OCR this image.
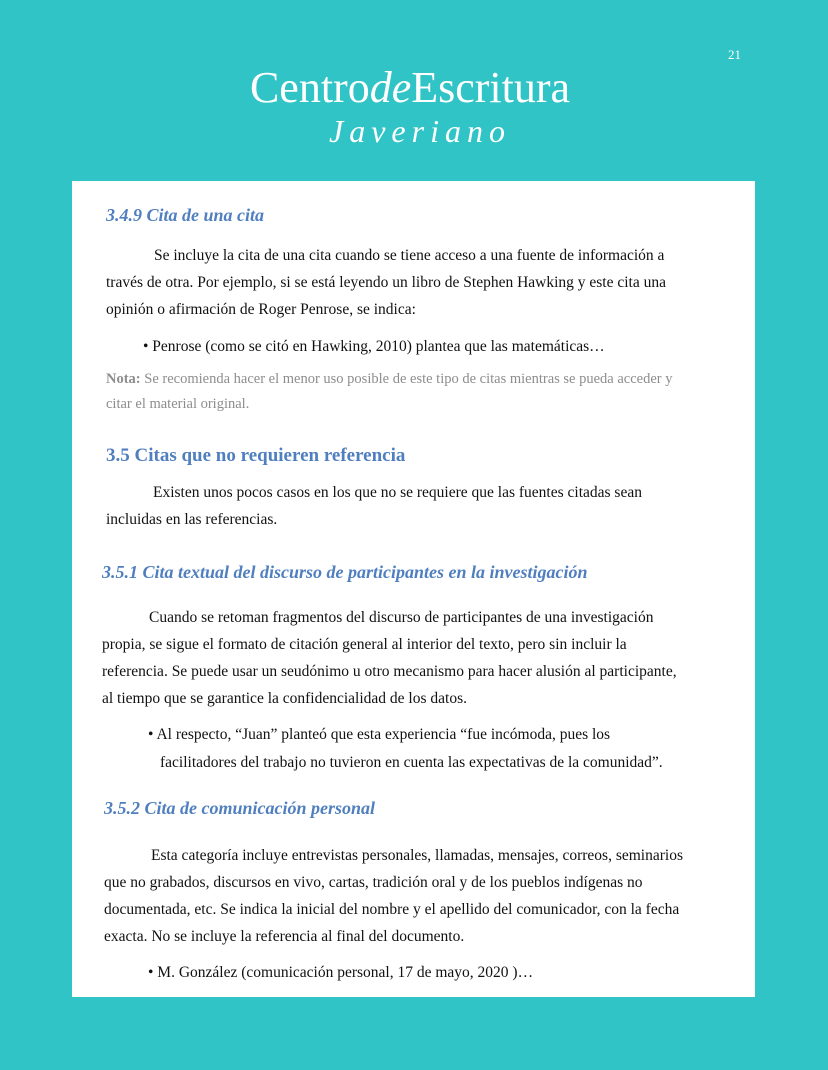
21
CentrodeEscritura
Javeriano
3.4.9 Cita de una cita
Se incluye la cita de una cita cuando se tiene acceso a una fuente de información a
través de otra. Por ejemplo, si se está leyendo un libro de Stephen Hawking y este cita una
opinión o afirmación de Roger Penrose, se indica:
• Penrose (como se citó en Hawking, 2010) plantea que las matemáticas…
Nota: Se recomienda hacer el menor uso posible de este tipo de citas mientras se pueda acceder y
citar el material original.
3.5 Citas que no requieren referencia
Existen unos pocos casos en los que no se requiere que las fuentes citadas sean
incluidas en las referencias.
3.5.1 Cita textual del discurso de participantes en la investigación
Cuando se retoman fragmentos del discurso de participantes de una investigación
propia, se sigue el formato de citación general al interior del texto, pero sin incluir la
referencia. Se puede usar un seudónimo u otro mecanismo para hacer alusión al participante,
al tiempo que se garantice la confidencialidad de los datos.
• Al respecto, “Juan” planteó que esta experiencia “fue incómoda, pues los
facilitadores del trabajo no tuvieron en cuenta las expectativas de la comunidad”.
3.5.2 Cita de comunicación personal
Esta categoría incluye entrevistas personales, llamadas, mensajes, correos, seminarios
que no grabados, discursos en vivo, cartas, tradición oral y de los pueblos indígenas no
documentada, etc. Se indica la inicial del nombre y el apellido del comunicador, con la fecha
exacta. No se incluye la referencia al final del documento.
• M. González (comunicación personal, 17 de mayo, 2020 )…
